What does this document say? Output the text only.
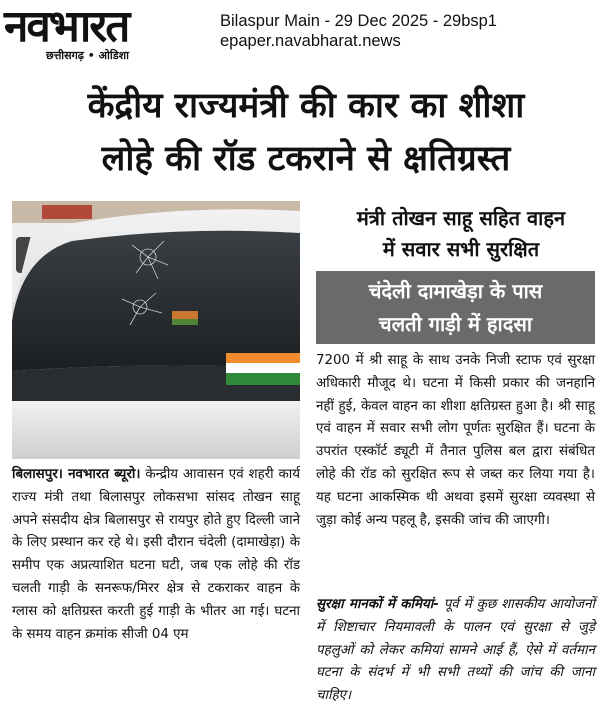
नवभारत
छत्तीसगढ़ • ओडिशा
Bilaspur Main - 29 Dec 2025 - 29bsp1
epaper.navabharat.news
केंद्रीय राज्यमंत्री की कार का शीशा
लोहे की रॉड टकराने से क्षतिग्रस्त
मंत्री तोखन साहू सहित वाहन
में सवार सभी सुरक्षित
चंदेली दामाखेड़ा के पास
चलती गाड़ी में हादसा
बिलासपुर। नवभारत ब्यूरो। केन्द्रीय आवासन एवं शहरी कार्य राज्य मंत्री तथा बिलासपुर लोकसभा सांसद तोखन साहू अपने संसदीय क्षेत्र बिलासपुर से रायपुर होते हुए दिल्ली जाने के लिए प्रस्थान कर रहे थे। इसी दौरान चंदेली (दामाखेड़ा) के समीप एक अप्रत्याशित घटना घटी, जब एक लोहे की रॉड चलती गाड़ी के सनरूफ/मिरर क्षेत्र से टकराकर वाहन के ग्लास को क्षतिग्रस्त करती हुई गाड़ी के भीतर आ गई। घटना के समय वाहन क्रमांक सीजी 04 एम
7200 में श्री साहू के साथ उनके निजी स्टाफ एवं सुरक्षा अधिकारी मौजूद थे। घटना में किसी प्रकार की जनहानि नहीं हुई, केवल वाहन का शीशा क्षतिग्रस्त हुआ है। श्री साहू एवं वाहन में सवार सभी लोग पूर्णतः सुरक्षित हैं। घटना के उपरांत एस्कॉर्ट ड्यूटी में तैनात पुलिस बल द्वारा संबंधित लोहे की रॉड को सुरक्षित रूप से जब्त कर लिया गया है। यह घटना आकस्मिक थी अथवा इसमें सुरक्षा व्यवस्था से जुड़ा कोई अन्य पहलू है, इसकी जांच की जाएगी।
सुरक्षा मानकों में कमियां- पूर्व में कुछ शासकीय आयोजनों में शिष्टाचार नियमावली के पालन एवं सुरक्षा से जुड़े पहलुओं को लेकर कमियां सामने आई हैं, ऐसे में वर्तमान घटना के संदर्भ में भी सभी तथ्यों की जांच की जाना चाहिए।
